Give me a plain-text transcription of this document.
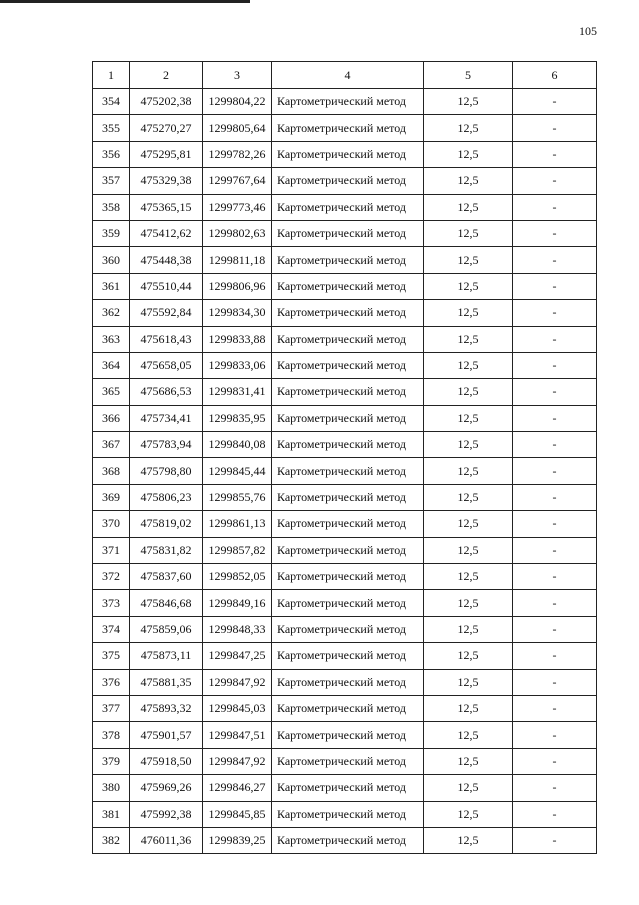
105
1	2	3	4	5	6
354	475202,38	1299804,22	Картометрический метод	12,5	-
355	475270,27	1299805,64	Картометрический метод	12,5	-
356	475295,81	1299782,26	Картометрический метод	12,5	-
357	475329,38	1299767,64	Картометрический метод	12,5	-
358	475365,15	1299773,46	Картометрический метод	12,5	-
359	475412,62	1299802,63	Картометрический метод	12,5	-
360	475448,38	1299811,18	Картометрический метод	12,5	-
361	475510,44	1299806,96	Картометрический метод	12,5	-
362	475592,84	1299834,30	Картометрический метод	12,5	-
363	475618,43	1299833,88	Картометрический метод	12,5	-
364	475658,05	1299833,06	Картометрический метод	12,5	-
365	475686,53	1299831,41	Картометрический метод	12,5	-
366	475734,41	1299835,95	Картометрический метод	12,5	-
367	475783,94	1299840,08	Картометрический метод	12,5	-
368	475798,80	1299845,44	Картометрический метод	12,5	-
369	475806,23	1299855,76	Картометрический метод	12,5	-
370	475819,02	1299861,13	Картометрический метод	12,5	-
371	475831,82	1299857,82	Картометрический метод	12,5	-
372	475837,60	1299852,05	Картометрический метод	12,5	-
373	475846,68	1299849,16	Картометрический метод	12,5	-
374	475859,06	1299848,33	Картометрический метод	12,5	-
375	475873,11	1299847,25	Картометрический метод	12,5	-
376	475881,35	1299847,92	Картометрический метод	12,5	-
377	475893,32	1299845,03	Картометрический метод	12,5	-
378	475901,57	1299847,51	Картометрический метод	12,5	-
379	475918,50	1299847,92	Картометрический метод	12,5	-
380	475969,26	1299846,27	Картометрический метод	12,5	-
381	475992,38	1299845,85	Картометрический метод	12,5	-
382	476011,36	1299839,25	Картометрический метод	12,5	-
